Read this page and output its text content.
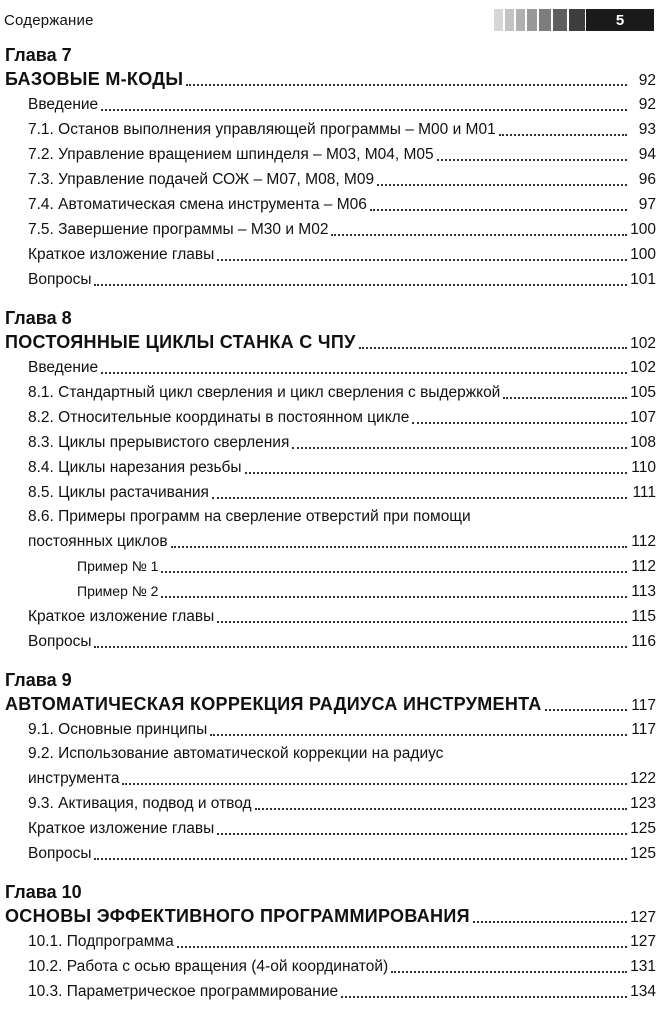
Содержание	5
Глава 7
БАЗОВЫЕ М-КОДЫ	92
Введение	92
7.1. Останов выполнения управляющей программы – М00 и М01	93
7.2. Управление вращением шпинделя – М03, М04, М05	94
7.3. Управление подачей СОЖ – М07, М08, М09	96
7.4. Автоматическая смена инструмента – М06	97
7.5. Завершение программы – М30 и М02	100
Краткое изложение главы	100
Вопросы	101
Глава 8
ПОСТОЯННЫЕ ЦИКЛЫ СТАНКА С ЧПУ	102
Введение	102
8.1. Стандартный цикл сверления и цикл сверления с выдержкой	105
8.2. Относительные координаты в постоянном цикле	107
8.3. Циклы прерывистого сверления	108
8.4. Циклы нарезания резьбы	110
8.5. Циклы растачивания	111
8.6. Примеры программ на сверление отверстий при помощи
постоянных циклов	112
Пример № 1	112
Пример № 2	113
Краткое изложение главы	115
Вопросы	116
Глава 9
АВТОМАТИЧЕСКАЯ КОРРЕКЦИЯ РАДИУСА ИНСТРУМЕНТА	117
9.1. Основные принципы	117
9.2. Использование автоматической коррекции на радиус
инструмента	122
9.3. Активация, подвод и отвод	123
Краткое изложение главы	125
Вопросы	125
Глава 10
ОСНОВЫ ЭФФЕКТИВНОГО ПРОГРАММИРОВАНИЯ	127
10.1. Подпрограмма	127
10.2. Работа с осью вращения (4-ой координатой)	131
10.3. Параметрическое программирование	134
